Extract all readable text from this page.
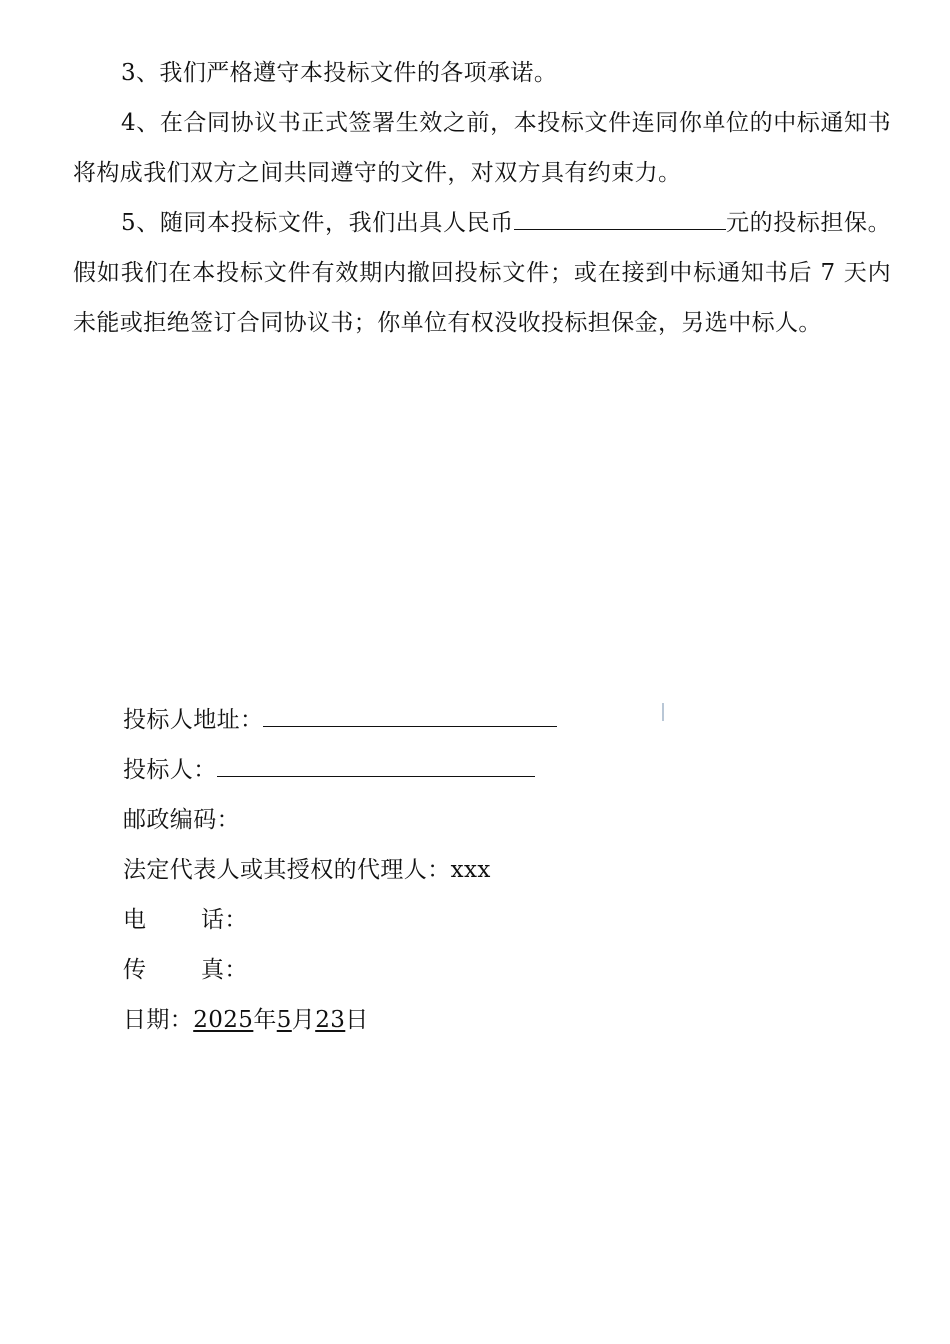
3、我们严格遵守本投标文件的各项承诺。

4、在合同协议书正式签署生效之前，本投标文件连同你单位的中标通知书将构成我们双方之间共同遵守的文件，对双方具有约束力。

5、随同本投标文件，我们出具人民币	元的投标担保。假如我们在本投标文件有效期内撤回投标文件；或在接到中标通知书后 7 天内未能或拒绝签订合同协议书；你单位有权没收投标担保金，另选中标人。

投标人地址：

投标人：

邮政编码：

法定代表人或其授权的代理人：xxx

电 话：

传 真：

日期：2025年5月23日
